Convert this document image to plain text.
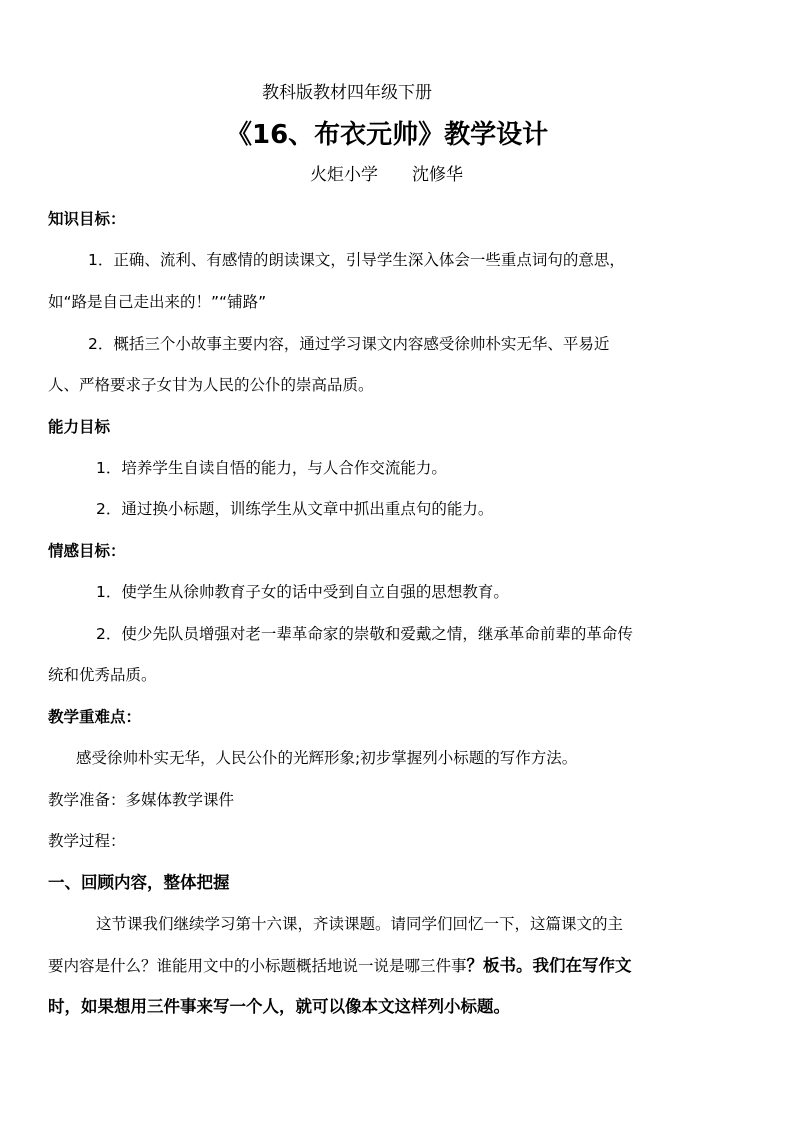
教科版教材四年级下册
《16、布衣元帅》教学设计
火炬小学　　沈修华
知识目标：
1．正确、流利、有感情的朗读课文，引导学生深入体会一些重点词句的意思，
如“路是自己走出来的！”“铺路”
2．概括三个小故事主要内容，通过学习课文内容感受徐帅朴实无华、平易近
人、严格要求子女甘为人民的公仆的崇高品质。
能力目标
1．培养学生自读自悟的能力，与人合作交流能力。
2．通过换小标题，训练学生从文章中抓出重点句的能力。
情感目标：
1．使学生从徐帅教育子女的话中受到自立自强的思想教育。
2．使少先队员增强对老一辈革命家的崇敬和爱戴之情，继承革命前辈的革命传
统和优秀品质。
教学重难点：
感受徐帅朴实无华，人民公仆的光辉形象;初步掌握列小标题的写作方法。
教学准备：多媒体教学课件
教学过程：
一、回顾内容，整体把握
这节课我们继续学习第十六课，齐读课题。请同学们回忆一下，这篇课文的主
要内容是什么？谁能用文中的小标题概括地说一说是哪三件事？板书。我们在写作文
时，如果想用三件事来写一个人，就可以像本文这样列小标题。
